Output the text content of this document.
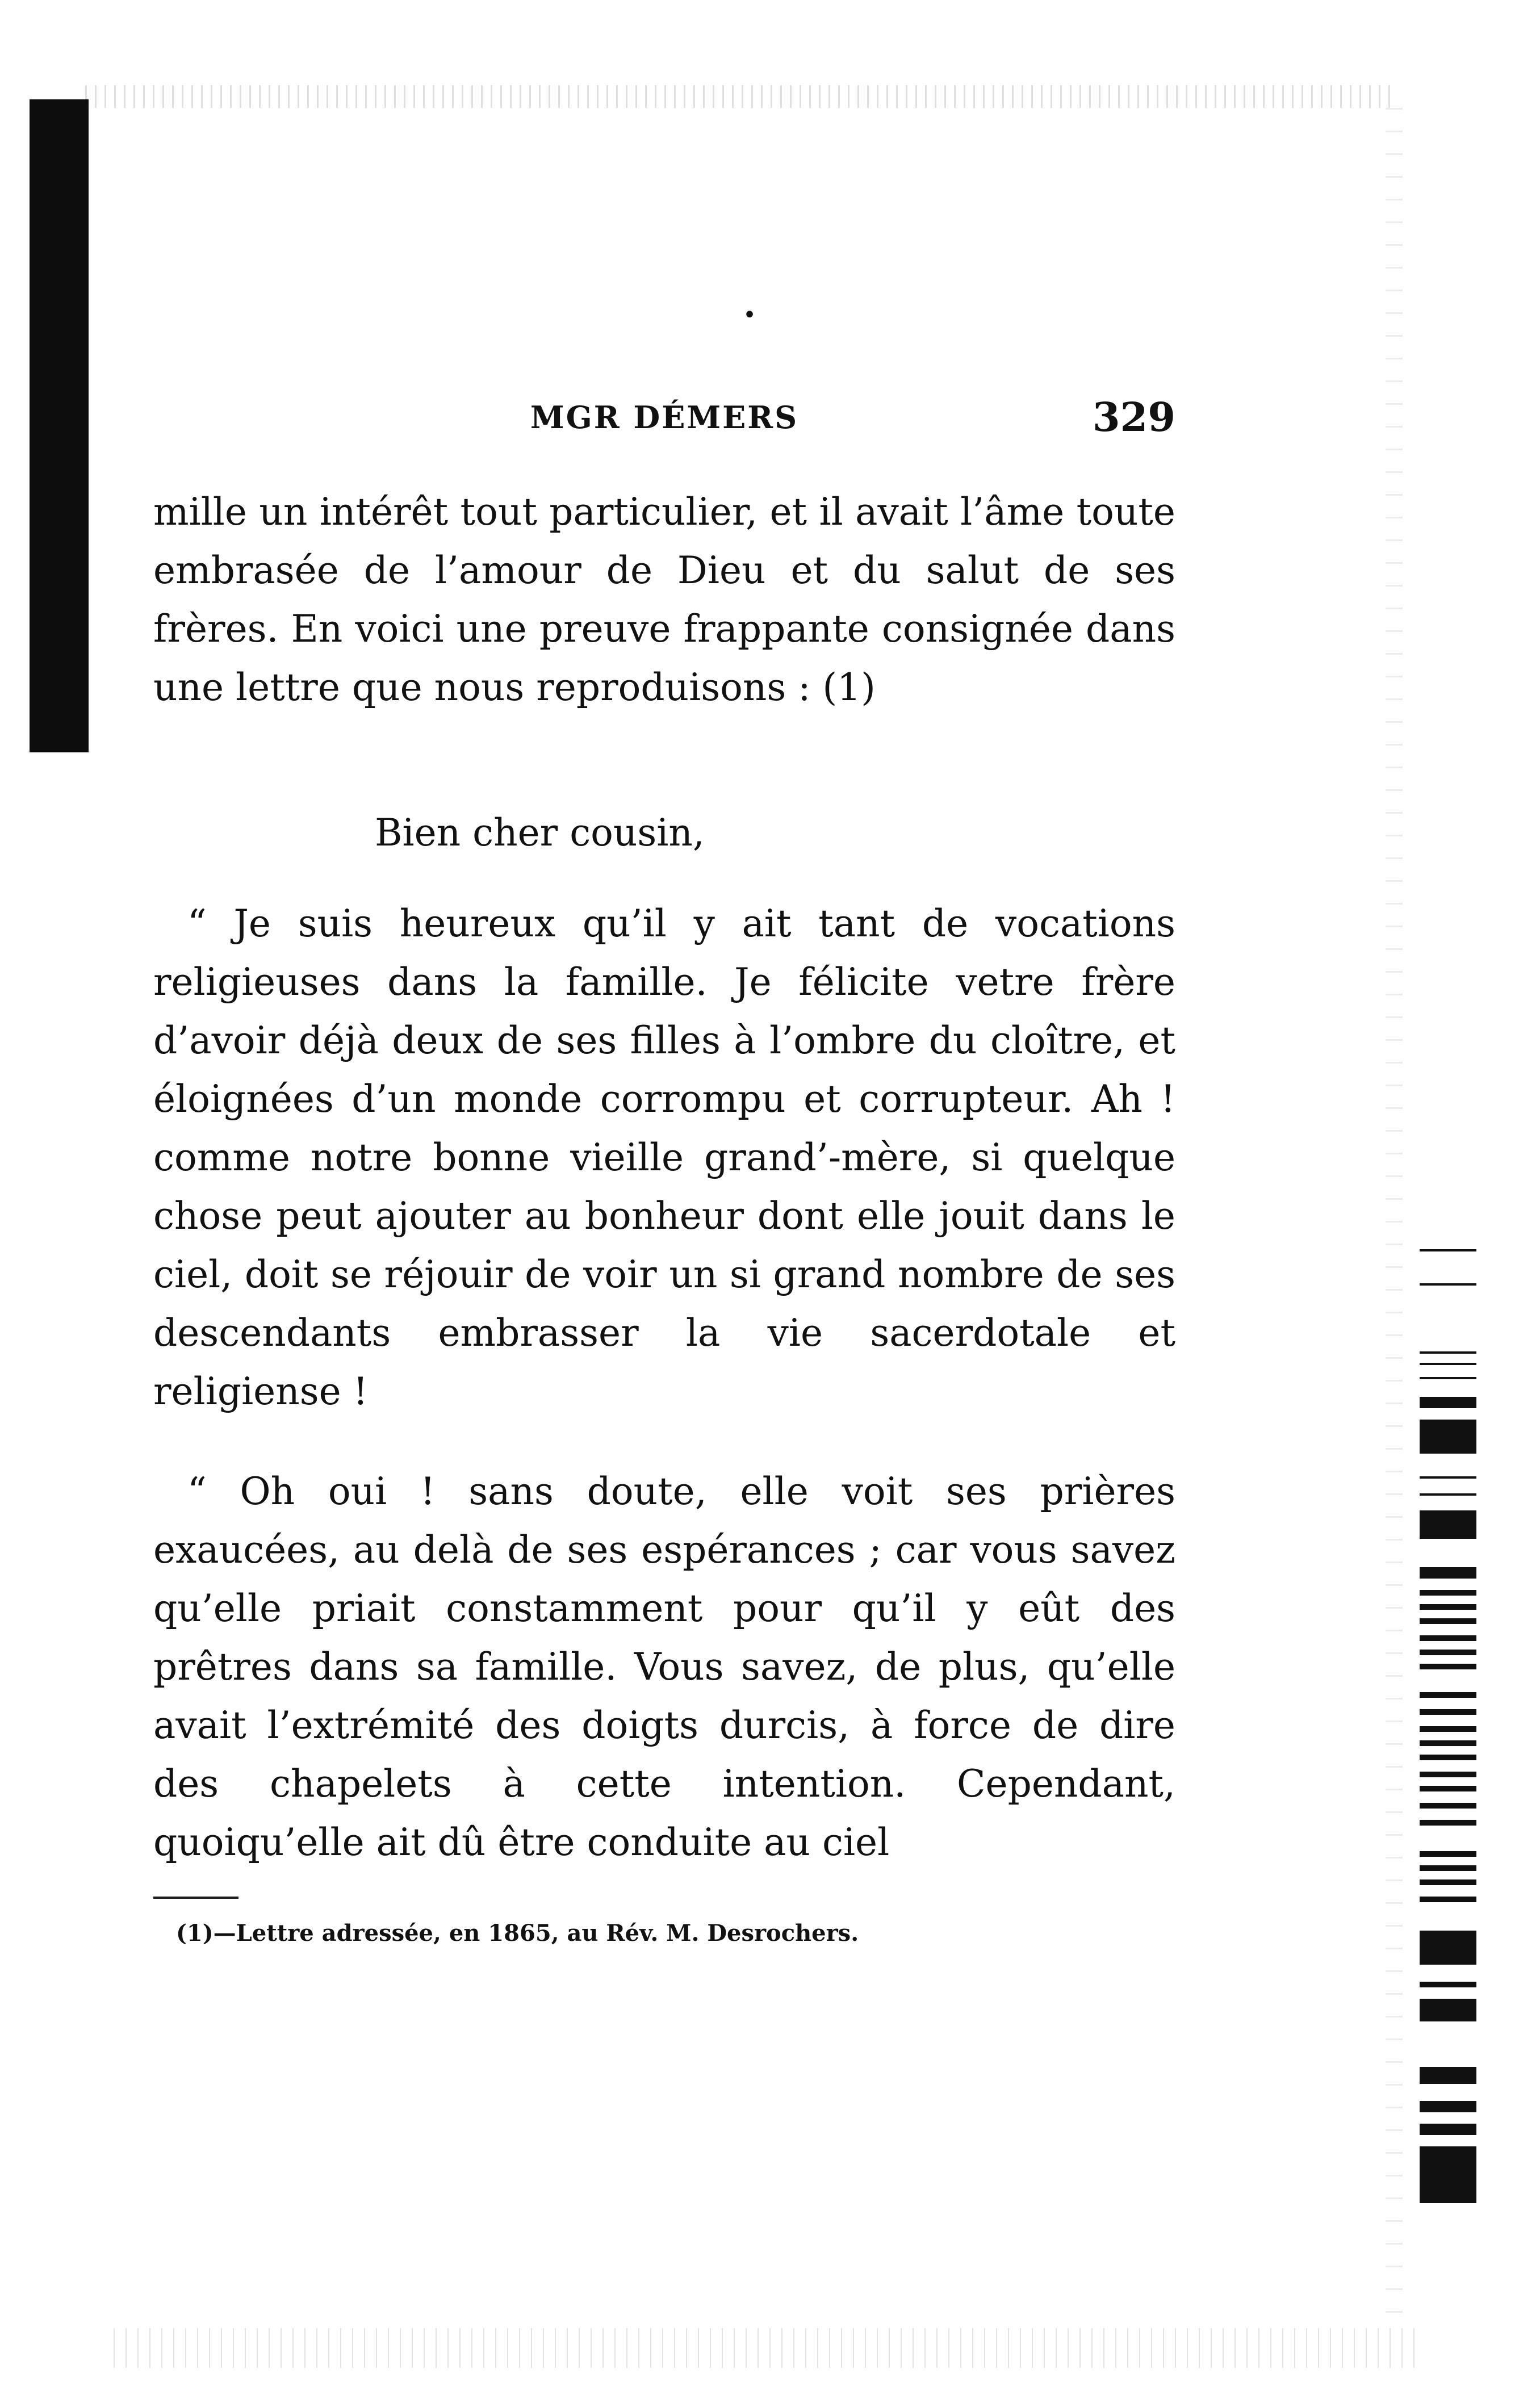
•
MGR DÉMERS	329

mille un intérêt tout particulier, et il avait l’âme toute embrasée de l’amour de Dieu et du salut de ses frères. En voici une preuve frappante consignée dans une lettre que nous reproduisons : (1)

Bien cher cousin,

“ Je suis heureux qu’il y ait tant de vocations religieuses dans la famille. Je félicite vetre frère d’avoir déjà deux de ses filles à l’ombre du cloître, et éloignées d’un monde corrompu et corrupteur. Ah ! comme notre bonne vieille grand’-mère, si quelque chose peut ajouter au bonheur dont elle jouit dans le ciel, doit se réjouir de voir un si grand nombre de ses descendants embrasser la vie sacerdotale et religiense !

“ Oh oui ! sans doute, elle voit ses prières exaucées, au delà de ses espérances ; car vous savez qu’elle priait constamment pour qu’il y eût des prêtres dans sa famille. Vous savez, de plus, qu’elle avait l’extrémité des doigts durcis, à force de dire des chapelets à cette intention. Cependant, quoiqu’elle ait dû être conduite au ciel

(1)—Lettre adressée, en 1865, au Rév. M. Desrochers.
